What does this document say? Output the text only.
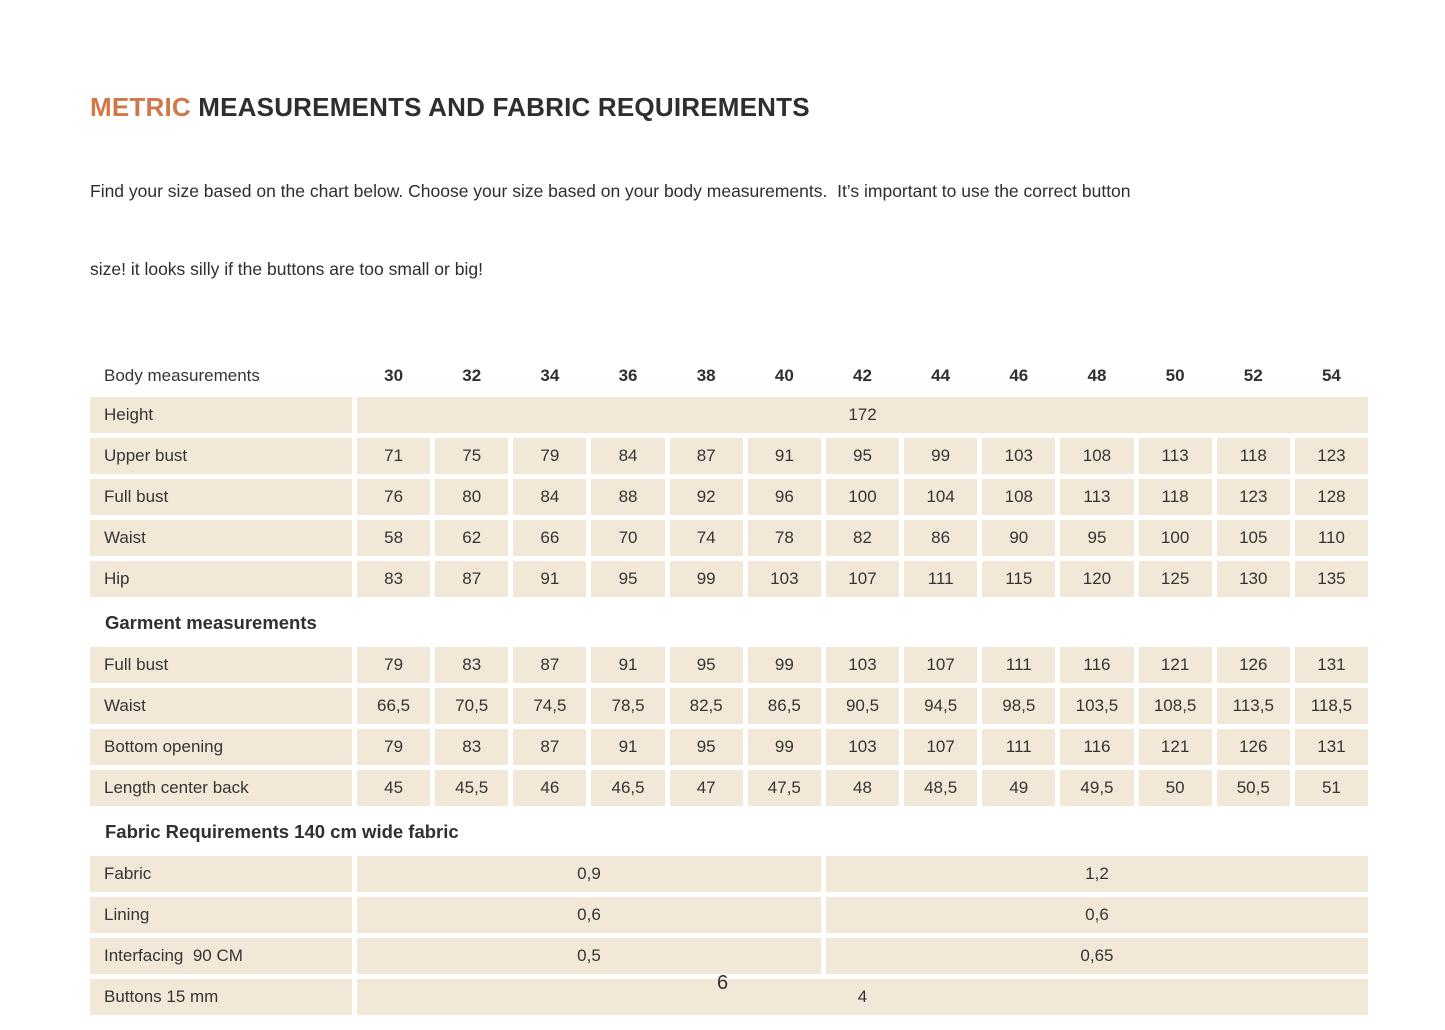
METRIC MEASUREMENTS AND FABRIC REQUIREMENTS

Find your size based on the chart below. Choose your size based on your body measurements.  It’s important to use the correct button

size! it looks silly if the buttons are too small or big!

Body measurements	30	32	34	36	38	40	42	44	46	48	50	52	54
Height	172
Upper bust	71	75	79	84	87	91	95	99	103	108	113	118	123
Full bust	76	80	84	88	92	96	100	104	108	113	118	123	128
Waist	58	62	66	70	74	78	82	86	90	95	100	105	110
Hip	83	87	91	95	99	103	107	111	115	120	125	130	135
Garment measurements
Full bust	79	83	87	91	95	99	103	107	111	116	121	126	131
Waist	66,5	70,5	74,5	78,5	82,5	86,5	90,5	94,5	98,5	103,5	108,5	113,5	118,5
Bottom opening	79	83	87	91	95	99	103	107	111	116	121	126	131
Length center back	45	45,5	46	46,5	47	47,5	48	48,5	49	49,5	50	50,5	51
Fabric Requirements 140 cm wide fabric
Fabric	0,9	1,2
Lining	0,6	0,6
Interfacing  90 CM	0,5	0,65
Buttons 15 mm	4
6
